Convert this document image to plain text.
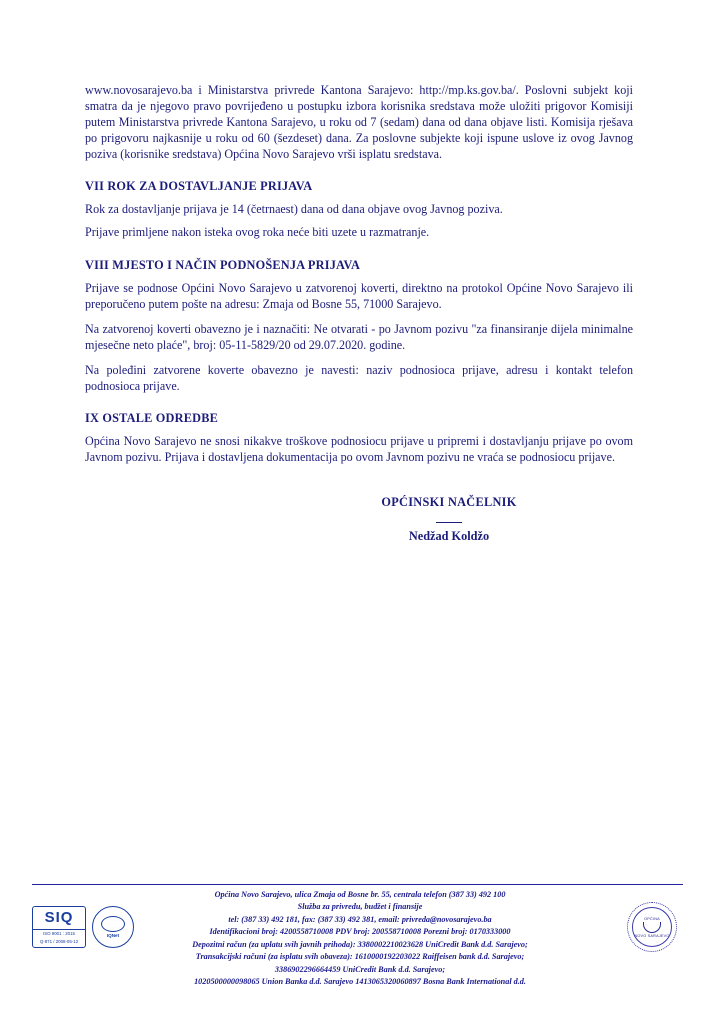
www.novosarajevo.ba i Ministarstva privrede Kantona Sarajevo: http://mp.ks.gov.ba/. Poslovni subjekt koji smatra da je njegovo pravo povrijeđeno u postupku izbora korisnika sredstava može uložiti prigovor Komisiji putem Ministarstva privrede Kantona Sarajevo, u roku od 7 (sedam) dana od dana objave listi. Komisija rješava po prigovoru najkasnije u roku od 60 (šezdeset) dana. Za poslovne subjekte koji ispune uslove iz ovog Javnog poziva (korisnike sredstava) Općina Novo Sarajevo vrši isplatu sredstava.

VII ROK ZA DOSTAVLJANJE PRIJAVA

Rok za dostavljanje prijava je 14 (četrnaest) dana od dana objave ovog Javnog poziva.

Prijave primljene nakon isteka ovog roka neće biti uzete u razmatranje.

VIII MJESTO I NAČIN PODNOŠENJA PRIJAVA

Prijave se podnose Općini Novo Sarajevo u zatvorenoj koverti, direktno na protokol Općine Novo Sarajevo ili preporučeno putem pošte na adresu: Zmaja od Bosne 55, 71000 Sarajevo.

Na zatvorenoj koverti obavezno je i naznačiti: Ne otvarati - po Javnom pozivu "za finansiranje dijela minimalne mjesečne neto plaće", broj: 05-11-5829/20 od 29.07.2020. godine.

Na poleđini zatvorene koverte obavezno je navesti: naziv podnosioca prijave, adresu i kontakt telefon podnosioca prijave.

IX OSTALE ODREDBE

Općina Novo Sarajevo ne snosi nikakve troškove podnosiocu prijave u pripremi i dostavljanju prijave po ovom Javnom pozivu. Prijava i dostavljena dokumentacija po ovom Javnom pozivu ne vraća se podnosiocu prijave.

OPĆINSKI NAČELNIK
Nedžad Koldžo
SIQ
ISO 9001 : 2015
Q-871 / 2008-05-12
IQNet
Općina Novo Sarajevo, ulica Zmaja od Bosne br. 55, centrala telefon (387 33) 492 100
Služba za privredu, budžet i finansije
tel: (387 33) 492 181, fax: (387 33) 492 381, email: privreda@novosarajevo.ba
Identifikacioni broj: 4200558710008 PDV broj: 200558710008 Porezni broj: 0170333000
Depozitni račun (za uplatu svih javnih prihoda): 3380002210023628 UniCredit Bank d.d. Sarajevo;
Transakcijski računi (za isplatu svih obaveza): 1610000192203022 Raiffeisen bank d.d. Sarajevo;
3386902296664459 UniCredit Bank d.d. Sarajevo;
1020500000098065 Union Banka d.d. Sarajevo 1413065320060897 Bosna Bank International d.d.
OPĆINA
NOVO SARAJEVO
